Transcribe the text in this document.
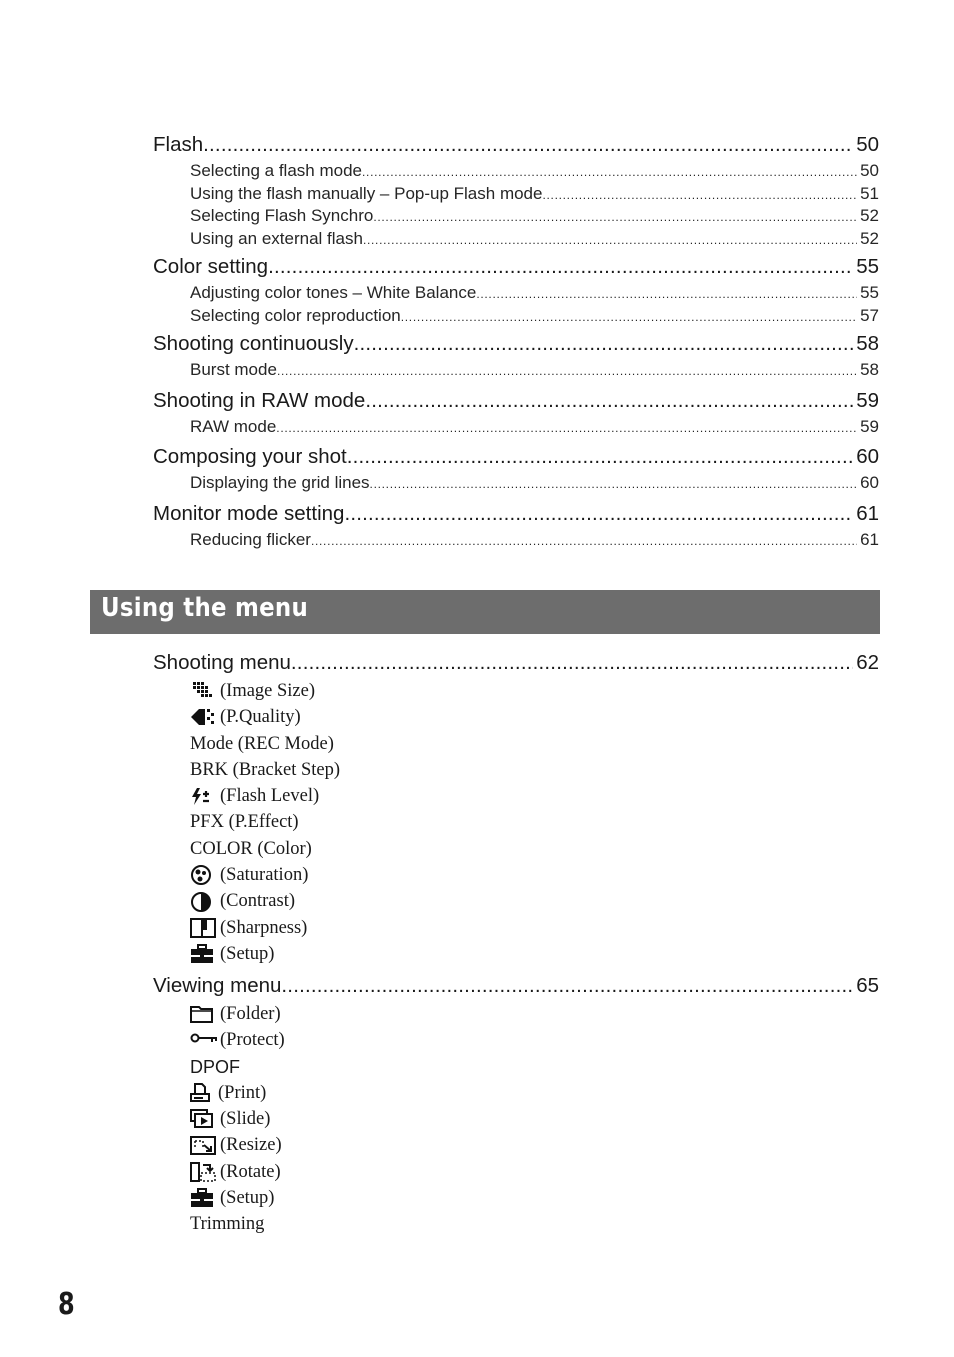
Flash .....	50
Selecting a flash mode .....	50
Using the flash manually – Pop-up Flash mode .....	51
Selecting Flash Synchro .....	52
Using an external flash .....	52
Color setting .....	55
Adjusting color tones – White Balance .....	55
Selecting color reproduction .....	57
Shooting continuously .....	58
Burst mode .....	58
Shooting in RAW mode .....	59
RAW mode .....	59
Composing your shot .....	60
Displaying the grid lines .....	60
Monitor mode setting .....	61
Reducing flicker .....	61
Using the menu
Shooting menu .....	62
(Image Size)
(P.Quality)
Mode (REC Mode)
BRK (Bracket Step)
(Flash Level)
PFX (P.Effect)
COLOR (Color)
(Saturation)
(Contrast)
(Sharpness)
(Setup)
Viewing menu .....	65
(Folder)
(Protect)
DPOF
(Print)
(Slide)
(Resize)
(Rotate)
(Setup)
Trimming
8
